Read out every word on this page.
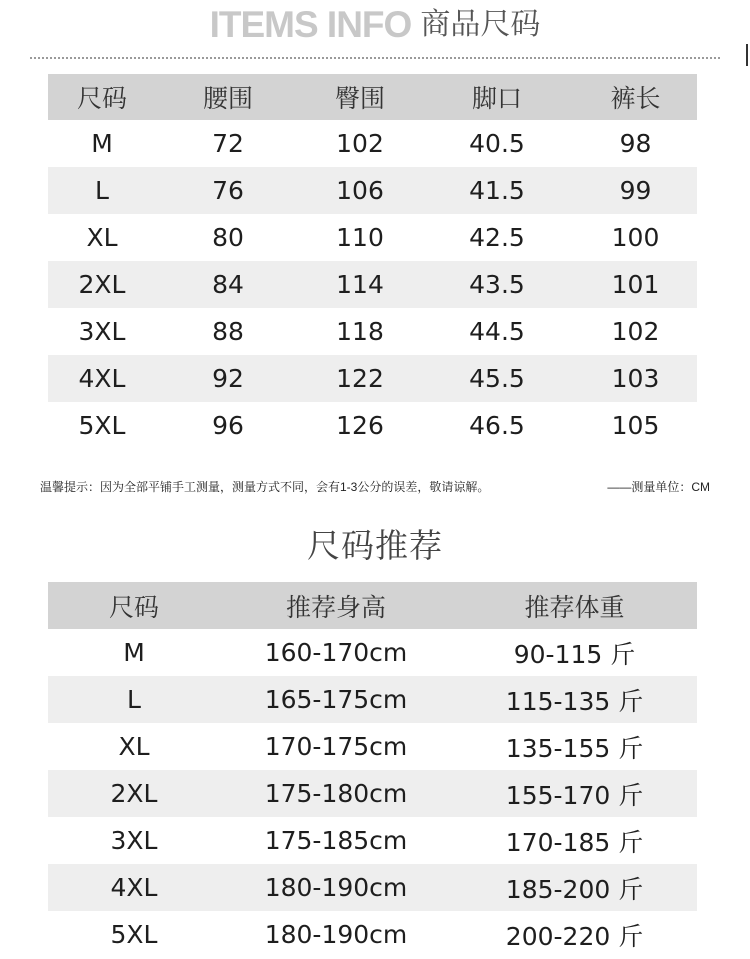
ITEMS INFO 商品尺码
尺码	腰围	臀围	脚口	裤长
M	72	102	40.5	98
L	76	106	41.5	99
XL	80	110	42.5	100
2XL	84	114	43.5	101
3XL	88	118	44.5	102
4XL	92	122	45.5	103
5XL	96	126	46.5	105
温馨提示：因为全部平铺手工测量，测量方式不同，会有1-3公分的误差，敬请谅解。	——测量单位：CM
尺码推荐
尺码	推荐身高	推荐体重
M	160-170cm	90-115 斤
L	165-175cm	115-135 斤
XL	170-175cm	135-155 斤
2XL	175-180cm	155-170 斤
3XL	175-185cm	170-185 斤
4XL	180-190cm	185-200 斤
5XL	180-190cm	200-220 斤
